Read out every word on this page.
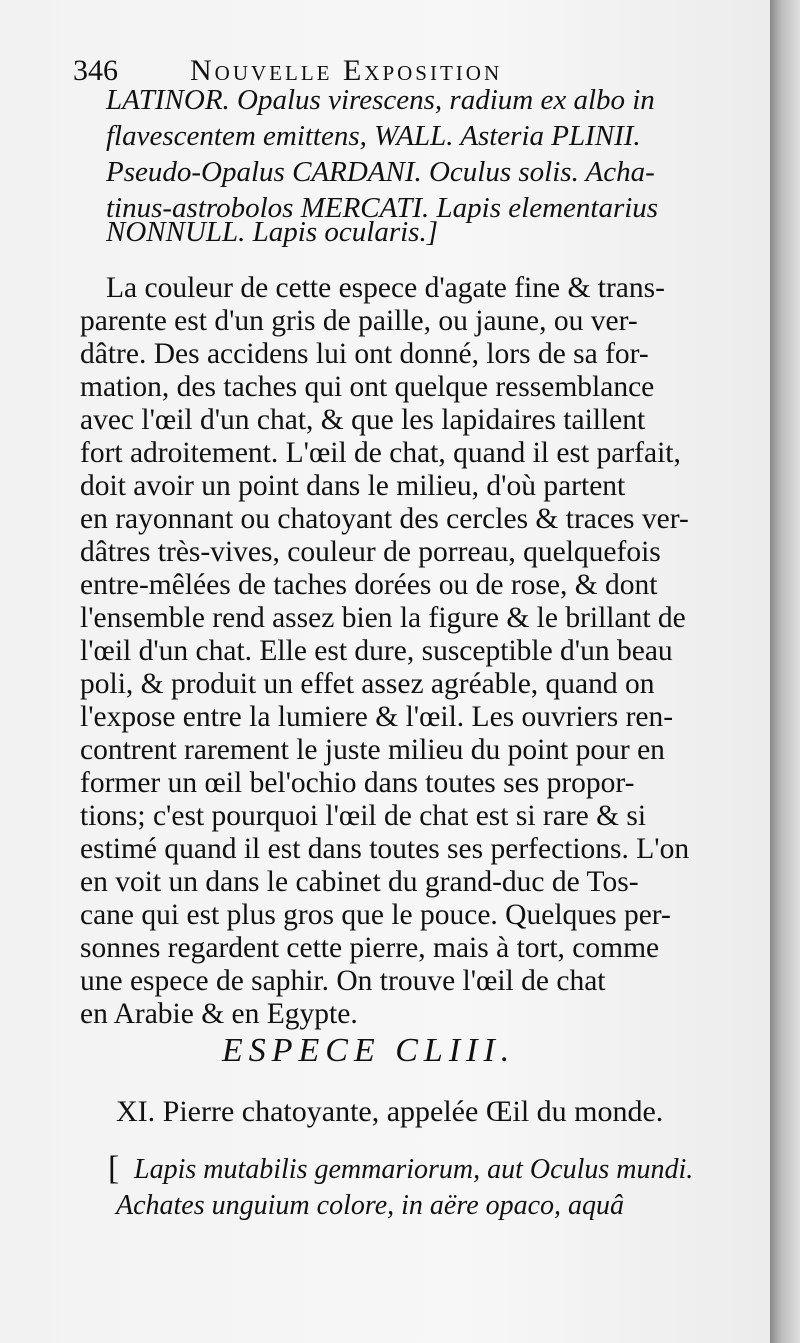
346 Nouvelle Exposition
LATINOR. Opalus virescens, radium ex albo in
flavescentem emittens, WALL. Asteria PLINII.
Pseudo-Opalus CARDANI. Oculus solis. Acha-
tinus-astrobolos MERCATI. Lapis elementarius
NONNULL. Lapis ocularis.]
La couleur de cette espece d'agate fine & trans-
parente est d'un gris de paille, ou jaune, ou ver-
dâtre. Des accidens lui ont donné, lors de sa for-
mation, des taches qui ont quelque ressemblance
avec l'œil d'un chat, & que les lapidaires taillent
fort adroitement. L'œil de chat, quand il est parfait,
doit avoir un point dans le milieu, d'où partent
en rayonnant ou chatoyant des cercles & traces ver-
dâtres très-vives, couleur de porreau, quelquefois
entre-mêlées de taches dorées ou de rose, & dont
l'ensemble rend assez bien la figure & le brillant de
l'œil d'un chat. Elle est dure, susceptible d'un beau
poli, & produit un effet assez agréable, quand on
l'expose entre la lumiere & l'œil. Les ouvriers ren-
contrent rarement le juste milieu du point pour en
former un œil bel'ochio dans toutes ses propor-
tions; c'est pourquoi l'œil de chat est si rare & si
estimé quand il est dans toutes ses perfections. L'on
en voit un dans le cabinet du grand-duc de Tos-
cane qui est plus gros que le pouce. Quelques per-
sonnes regardent cette pierre, mais à tort, comme
une espece de saphir. On trouve l'œil de chat
en Arabie & en Egypte.
ESPECE CLIII.
XI. Pierre chatoyante, appelée Œil du monde.
[ Lapis mutabilis gemmariorum, aut Oculus mundi.
Achates unguium colore, in aëre opaco, aquâ
